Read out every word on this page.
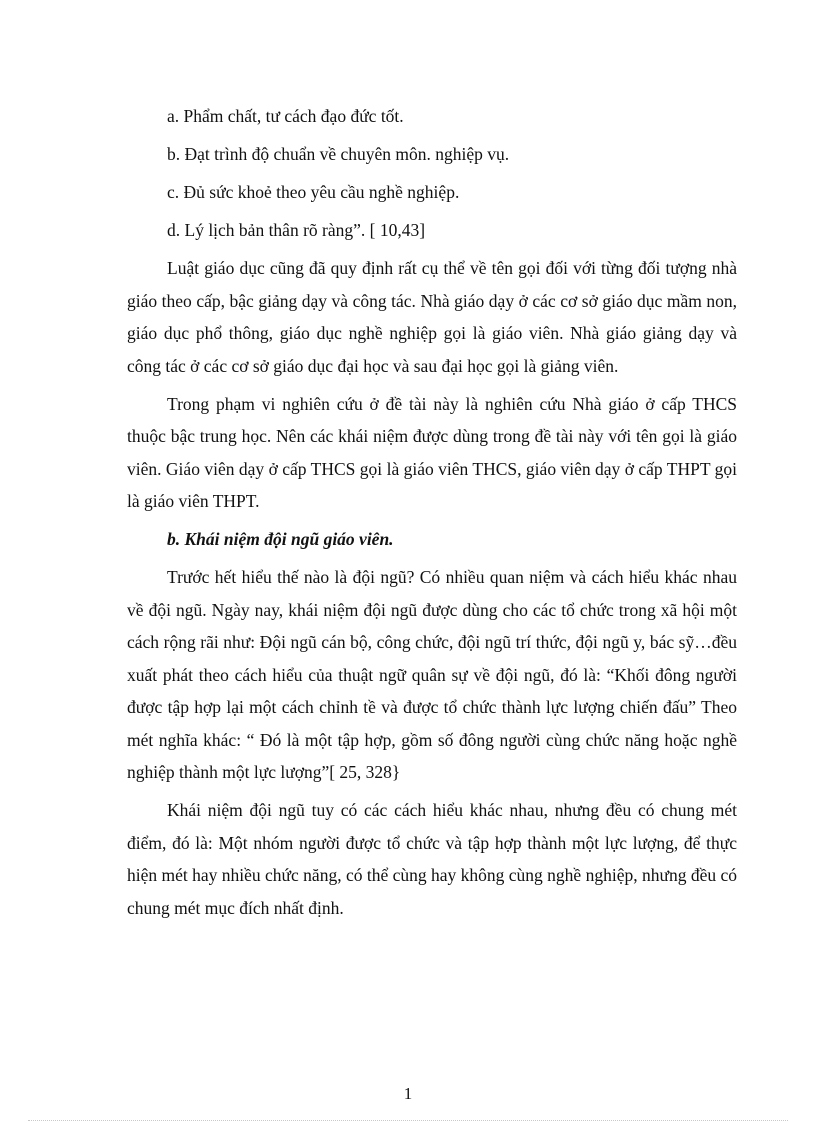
a. Phẩm chất, tư cách đạo đức tốt.

b. Đạt trình độ chuẩn về chuyên môn. nghiệp vụ.

c. Đủ sức khoẻ theo yêu cầu nghề nghiệp.

d. Lý lịch bản thân rõ ràng”. [ 10,43]

Luật giáo dục cũng đã quy định rất cụ thể về tên gọi đối với từng đối tượng nhà giáo theo cấp, bậc giảng dạy và công tác. Nhà giáo dạy ở các cơ sở giáo dục mầm non, giáo dục phổ thông, giáo dục nghề nghiệp gọi là giáo viên. Nhà giáo giảng dạy và công tác ở các cơ sở giáo dục đại học và sau đại học gọi là giảng viên.

Trong phạm vi nghiên cứu ở đề tài này là nghiên cứu Nhà giáo ở cấp THCS thuộc bậc trung học. Nên các khái niệm được dùng trong đề tài này với tên gọi là giáo viên. Giáo viên dạy ở cấp THCS gọi là giáo viên THCS, giáo viên dạy ở cấp THPT gọi là giáo viên THPT.

b. Khái niệm đội ngũ giáo viên.

Trước hết hiểu thế nào là đội ngũ? Có nhiều quan niệm và cách hiểu khác nhau về đội ngũ. Ngày nay, khái niệm đội ngũ được dùng cho các tổ chức trong xã hội một cách rộng rãi như: Đội ngũ cán bộ, công chức, đội ngũ trí thức, đội ngũ y, bác sỹ…đều xuất phát theo cách hiểu của thuật ngữ quân sự về đội ngũ, đó là: “Khối đông người được tập hợp lại một cách chỉnh tề và được tổ chức thành lực lượng chiến đấu” Theo mét nghĩa khác: “ Đó là một tập hợp, gồm số đông người cùng chức năng hoặc nghề nghiệp thành một lực lượng”[ 25, 328}

Khái niệm đội ngũ tuy có các cách hiểu khác nhau, nhưng đều có chung mét điểm, đó là: Một nhóm người được tổ chức và tập hợp thành một lực lượng, để thực hiện mét hay nhiều chức năng, có thể cùng hay không cùng nghề nghiệp, nhưng đều có chung mét mục đích nhất định.

1
